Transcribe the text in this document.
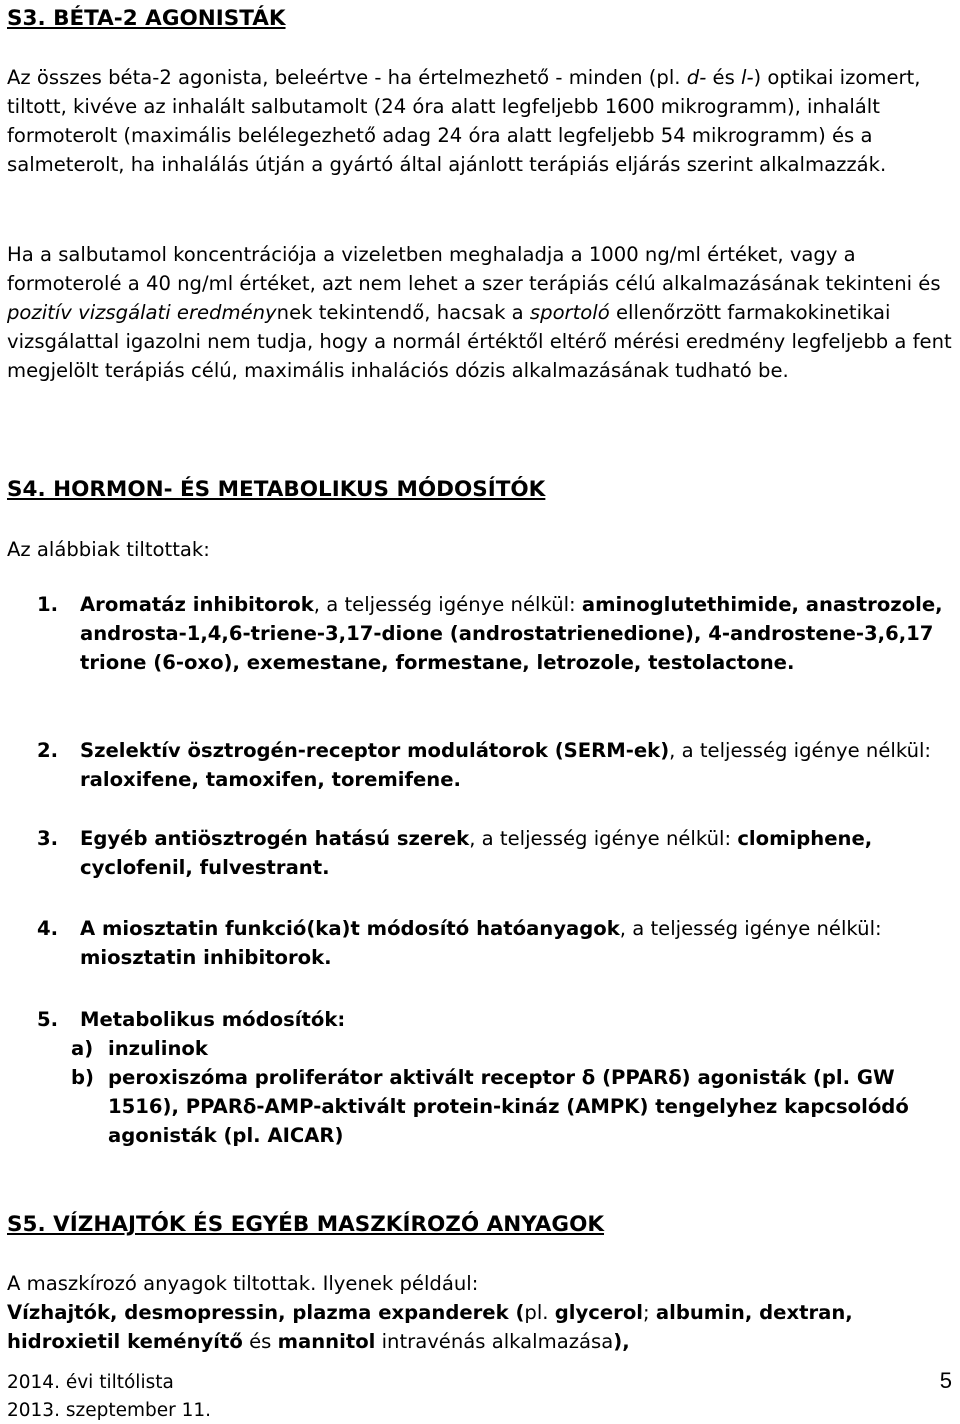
S3. BÉTA-2 AGONISTÁK
Az összes béta-2 agonista, beleértve - ha értelmezhető - minden (pl. d- és l-) optikai izomert, tiltott, kivéve az inhalált salbutamolt (24 óra alatt legfeljebb 1600 mikrogramm), inhalált formoterolt (maximális belélegezhető adag 24 óra alatt legfeljebb 54 mikrogramm) és a salmeterolt, ha inhalálás útján a gyártó által ajánlott terápiás eljárás szerint alkalmazzák.
Ha a salbutamol koncentrációja a vizeletben meghaladja a 1000 ng/ml értéket, vagy a formoterolé a 40 ng/ml értéket, azt nem lehet a szer terápiás célú alkalmazásának tekinteni és pozitív vizsgálati eredménynek tekintendő, hacsak a sportoló ellenőrzött farmakokinetikai vizsgálattal igazolni nem tudja, hogy a normál értéktől eltérő mérési eredmény legfeljebb a fent megjelölt terápiás célú, maximális inhalációs dózis alkalmazásának tudható be.
S4. HORMON- ÉS METABOLIKUS MÓDOSÍTÓK
Az alábbiak tiltottak:
1. Aromatáz inhibitorok, a teljesség igénye nélkül: aminoglutethimide, anastrozole, androsta-1,4,6-triene-3,17-dione (androstatrienedione), 4-androstene-3,6,17 trione (6-oxo), exemestane, formestane, letrozole, testolactone.
2. Szelektív ösztrogén-receptor modulátorok (SERM-ek), a teljesség igénye nélkül: raloxifene, tamoxifen, toremifene.
3. Egyéb antiösztrogén hatású szerek, a teljesség igénye nélkül: clomiphene, cyclofenil, fulvestrant.
4. A miosztatin funkció(ka)t módosító hatóanyagok, a teljesség igénye nélkül: miosztatin inhibitorok.
5. Metabolikus módosítók:
a) inzulinok
b) peroxiszóma proliferátor aktivált receptor δ (PPARδ) agonisták (pl. GW 1516), PPARδ-AMP-aktivált protein-kináz (AMPK) tengelyhez kapcsolódó agonisták (pl. AICAR)
S5. VÍZHAJTÓK ÉS EGYÉB MASZKÍROZÓ ANYAGOK
A maszkírozó anyagok tiltottak. Ilyenek például:
Vízhajtók, desmopressin, plazma expanderek (pl. glycerol; albumin, dextran, hidroxietil keményítő és mannitol intravénás alkalmazása),
2014. évi tiltólista
2013. szeptember 11.
5
